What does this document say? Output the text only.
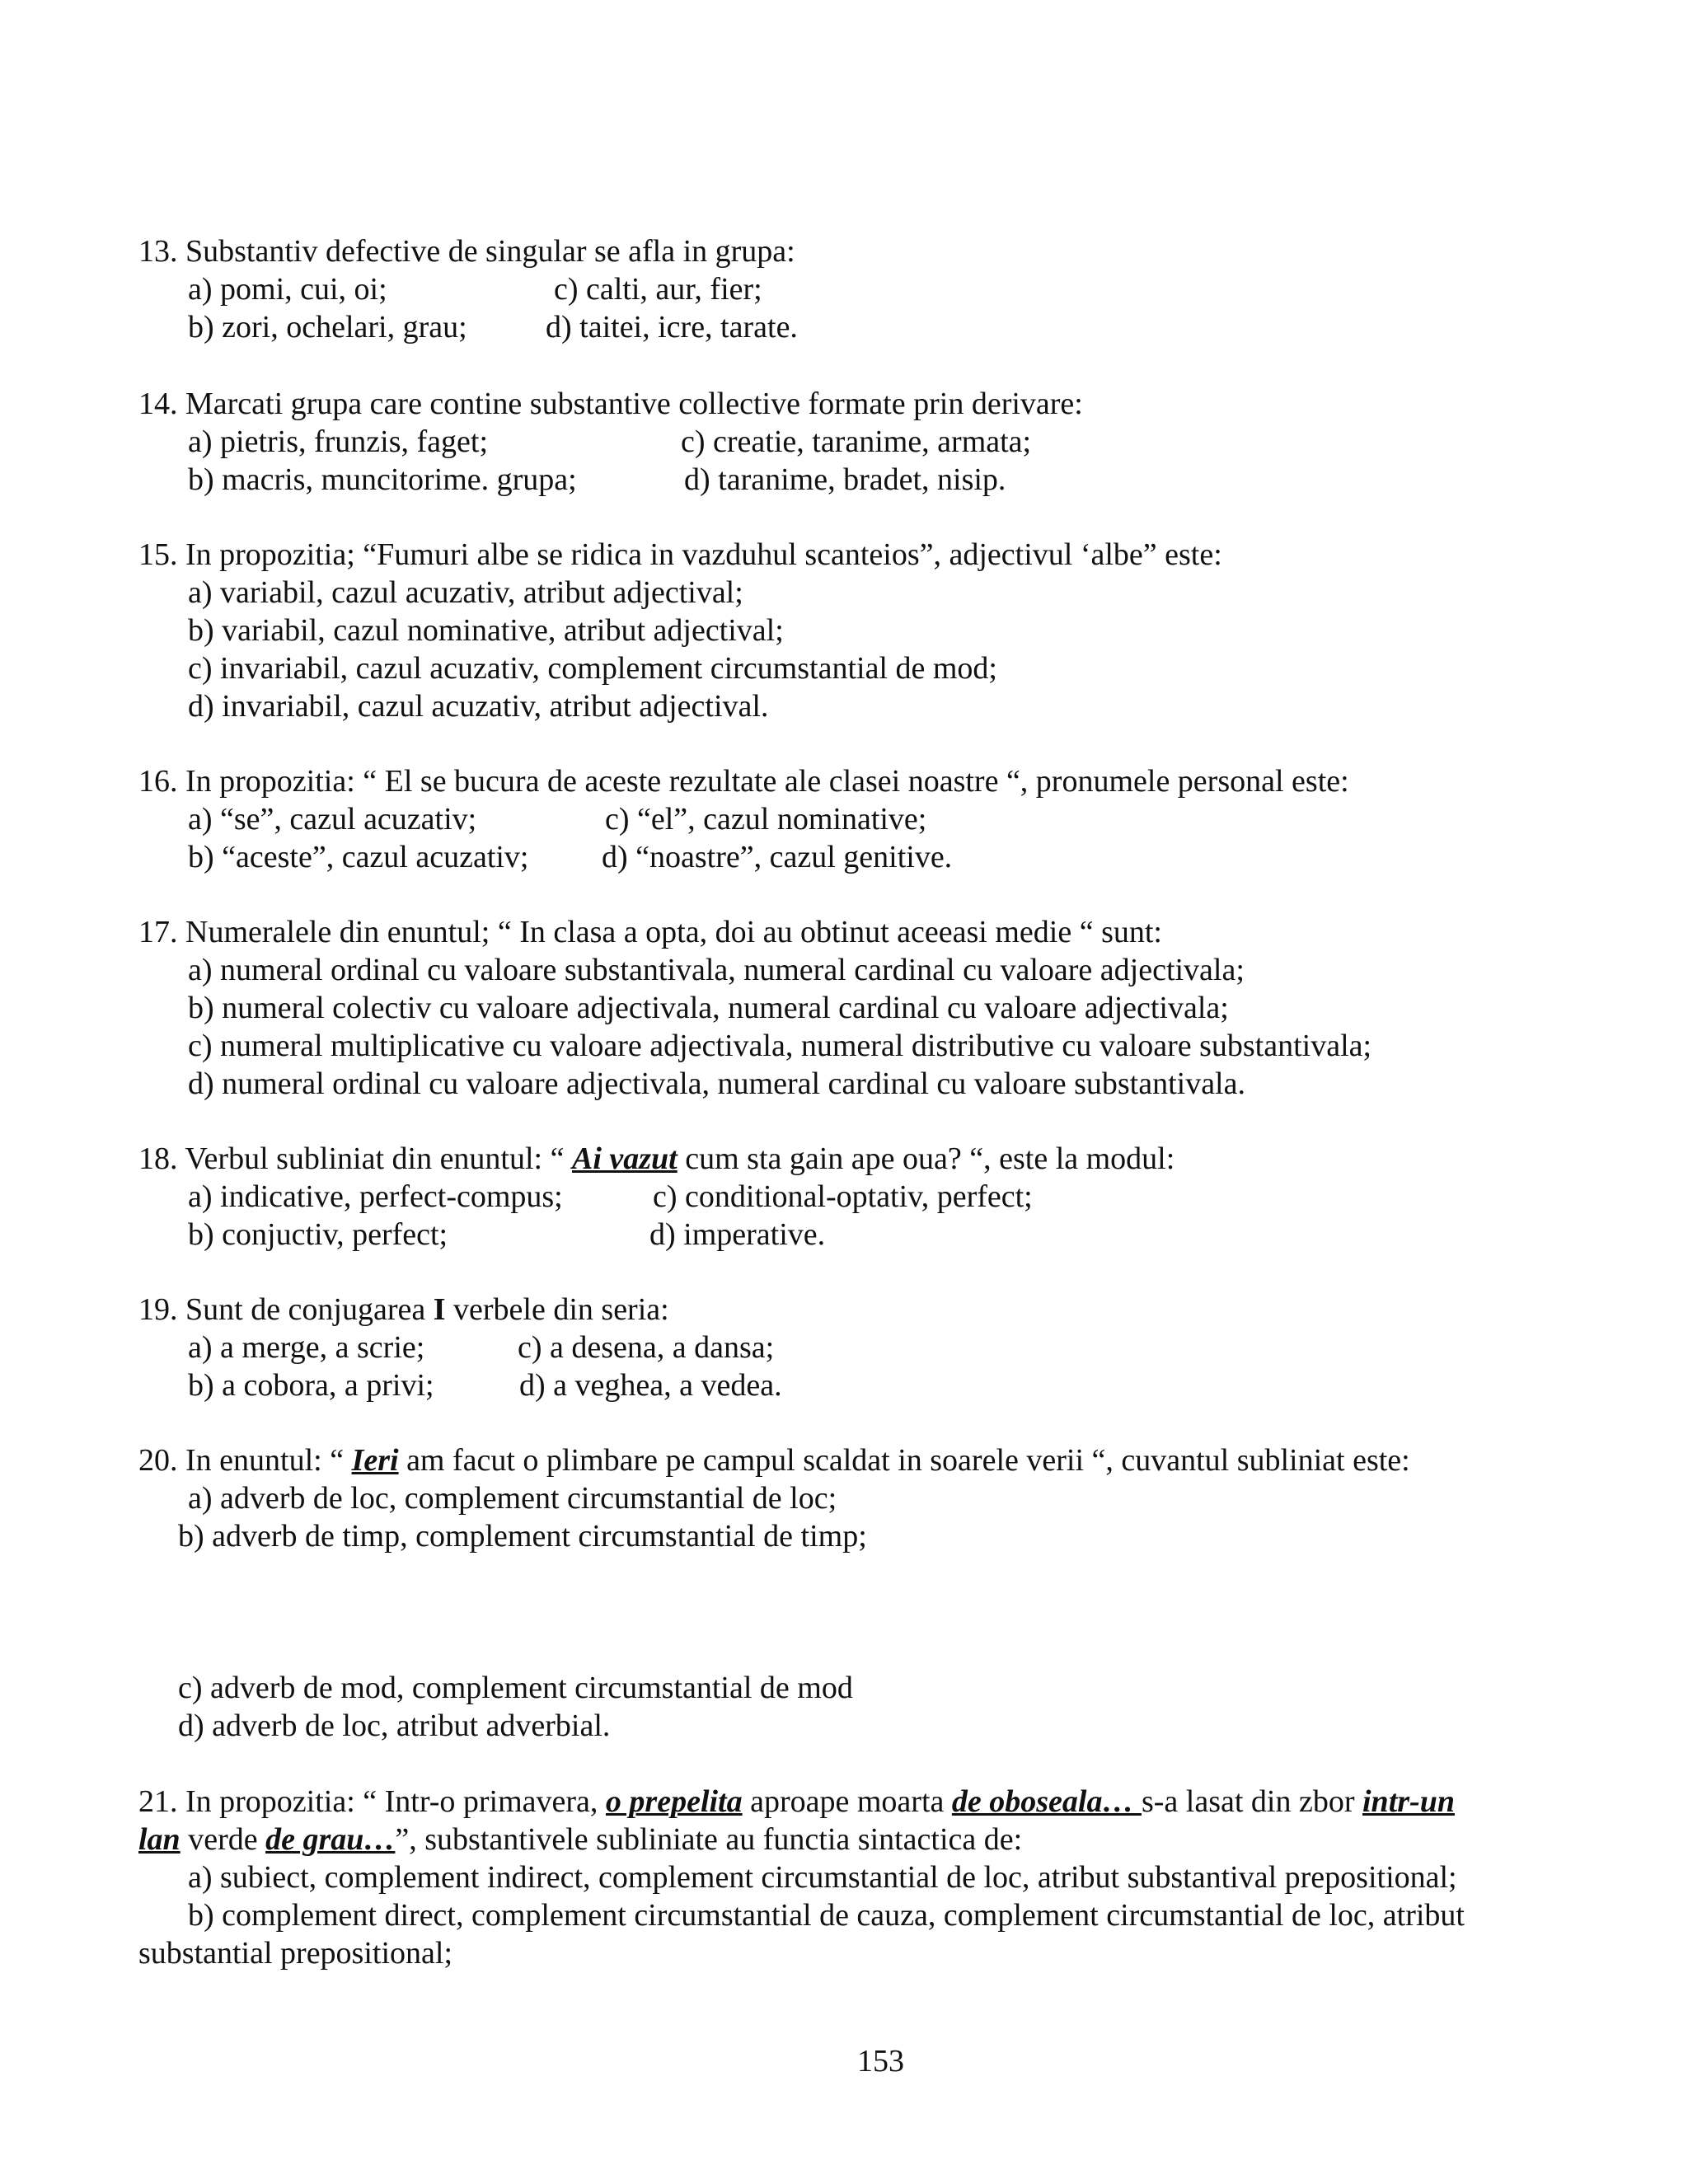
13. Substantiv defective de singular se afla in grupa:
a) pomi, cui, oi;	c) calti, aur, fier;
b) zori, ochelari, grau;	d) taitei, icre, tarate.
14. Marcati grupa care contine substantive collective formate prin derivare:
a) pietris, frunzis, faget;	c) creatie, taranime, armata;
b) macris, muncitorime. grupa;	d) taranime, bradet, nisip.
15. In propozitia; “Fumuri albe se ridica in vazduhul scanteios”, adjectivul ‘albe” este:
a) variabil, cazul acuzativ, atribut adjectival;
b) variabil, cazul nominative, atribut adjectival;
c) invariabil, cazul acuzativ, complement circumstantial de mod;
d) invariabil, cazul acuzativ, atribut adjectival.
16. In propozitia: “ El se bucura de aceste rezultate ale clasei noastre “, pronumele personal este:
a) “se”, cazul acuzativ;	c) “el”, cazul nominative;
b) “aceste”, cazul acuzativ; d) “noastre”, cazul genitive.
17. Numeralele din enuntul; “ In clasa a opta, doi au obtinut aceeasi medie “ sunt:
a) numeral ordinal cu valoare substantivala, numeral cardinal cu valoare adjectivala;
b) numeral colectiv cu valoare adjectivala, numeral cardinal cu valoare adjectivala;
c) numeral multiplicative cu valoare adjectivala, numeral distributive cu valoare substantivala;
d) numeral ordinal cu valoare adjectivala, numeral cardinal cu valoare substantivala.
18. Verbul subliniat din enuntul: “ Ai vazut cum sta gain ape oua? “, este la modul:
a) indicative, perfect-compus;	c) conditional-optativ, perfect;
b) conjuctiv, perfect;	d) imperative.
19. Sunt de conjugarea I verbele din seria:
a) a merge, a scrie;	c) a desena, a dansa;
b) a cobora, a privi;	d) a veghea, a vedea.
20. In enuntul: “ Ieri am facut o plimbare pe campul scaldat in soarele verii “, cuvantul subliniat este:
a) adverb de loc, complement circumstantial de loc;
b) adverb de timp, complement circumstantial de timp;
c) adverb de mod, complement circumstantial de mod
d) adverb de loc, atribut adverbial.
21. In propozitia: “ Intr-o primavera, o prepelita aproape moarta de oboseala… s-a lasat din zbor intr-un
lan verde de grau…”, substantivele subliniate au functia sintactica de:
a) subiect, complement indirect, complement circumstantial de loc, atribut substantival prepositional;
b) complement direct, complement circumstantial de cauza, complement circumstantial de loc, atribut
substantial prepositional;
153
